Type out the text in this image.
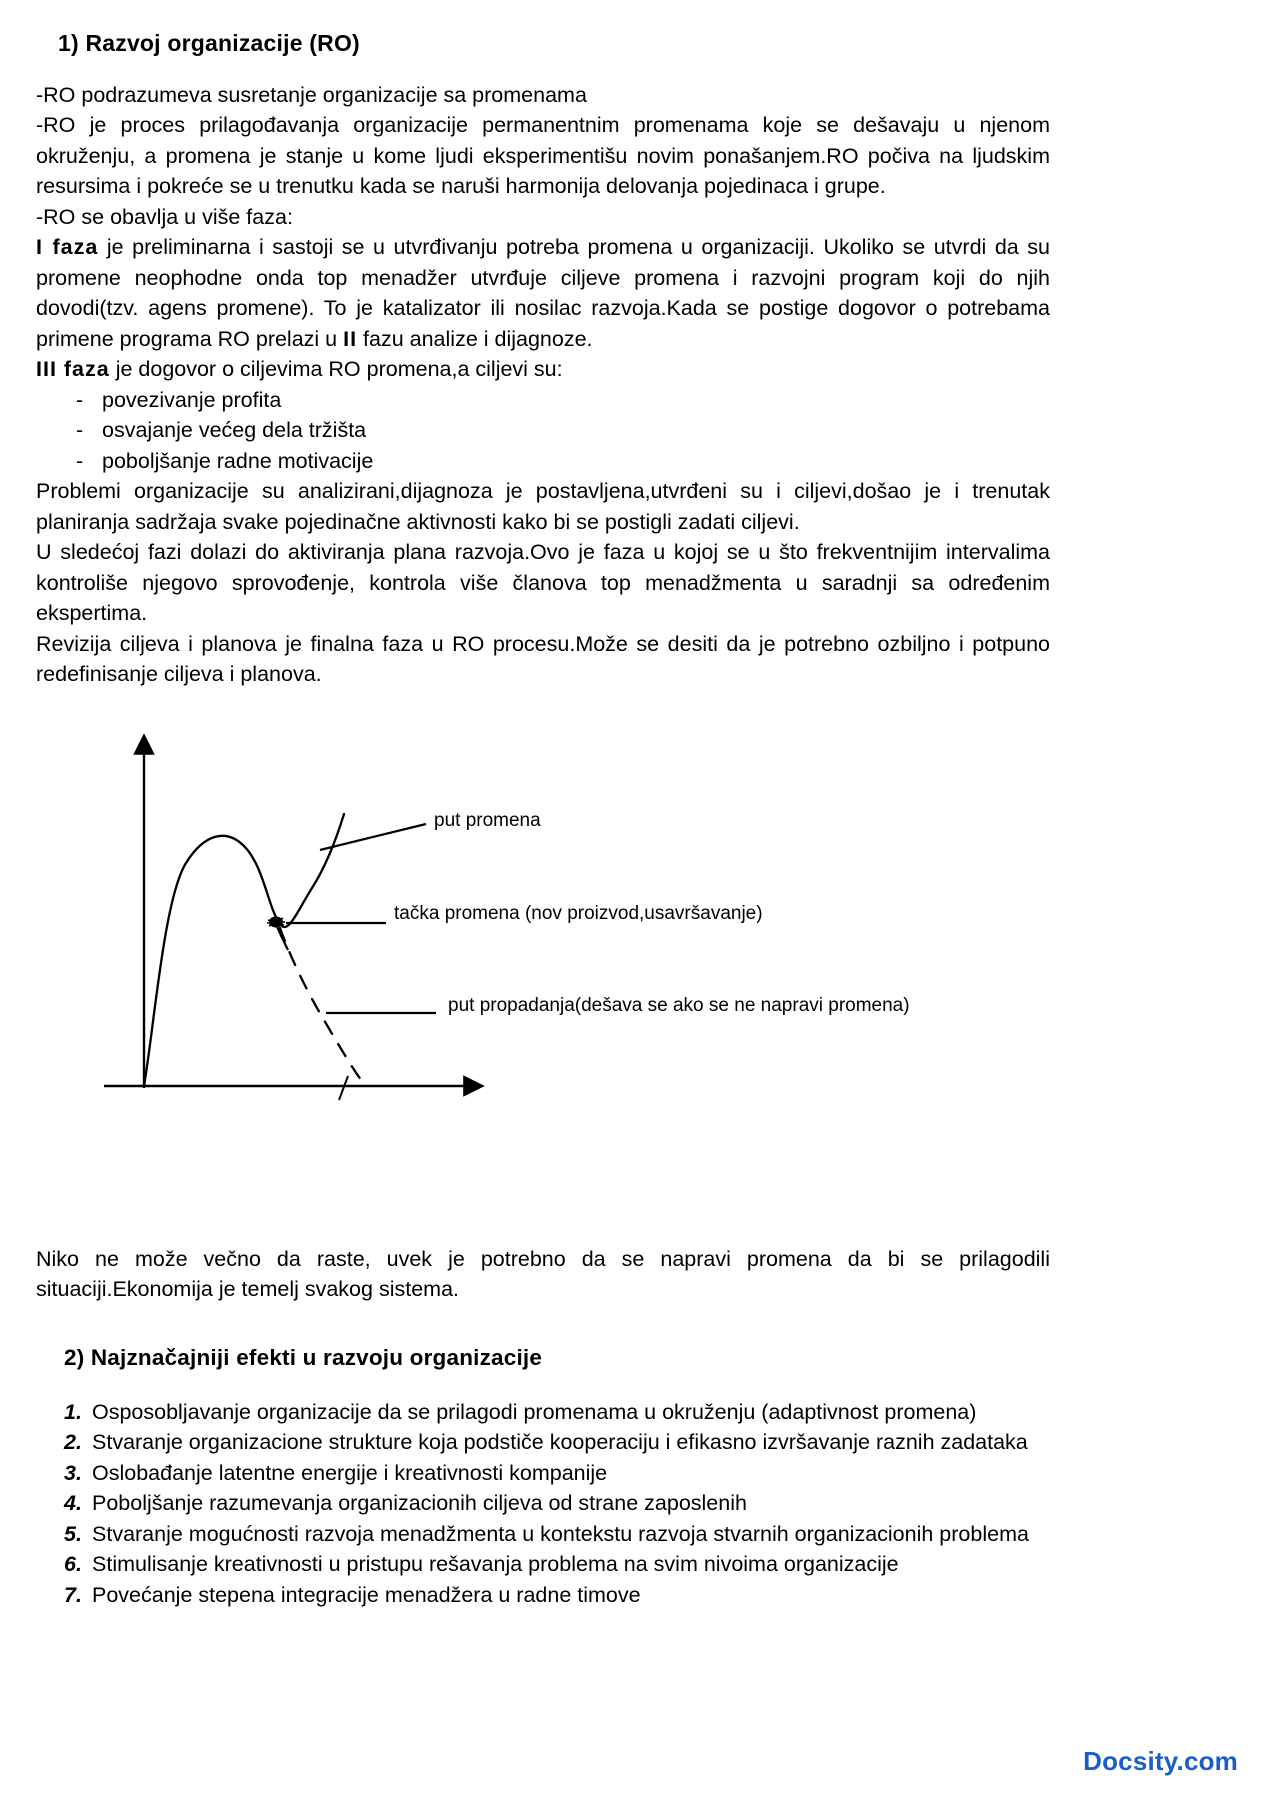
1) Razvoj organizacije (RO)

-RO podrazumeva susretanje organizacije sa promenama

-RO je proces prilagođavanja organizacije permanentnim promenama koje se dešavaju u njenom okruženju, a promena je stanje u kome ljudi eksperimentišu novim ponašanjem.RO počiva na ljudskim resursima i pokreće se u trenutku kada se naruši harmonija delovanja pojedinaca i grupe.

-RO se obavlja u više faza:

I faza je preliminarna i sastoji se u utvrđivanju potreba promena u organizaciji. Ukoliko se utvrdi da su promene neophodne onda top menadžer utvrđuje ciljeve promena i razvojni program koji do njih dovodi(tzv. agens promene). To je katalizator ili nosilac razvoja.Kada se postige dogovor o potrebama primene programa RO prelazi u II fazu analize i dijagnoze.

III faza je dogovor o ciljevima RO promena,a ciljevi su:

- povezivanje profita
- osvajanje većeg dela tržišta
- poboljšanje radne motivacije

Problemi organizacije su analizirani,dijagnoza je postavljena,utvrđeni su i ciljevi,došao je i trenutak planiranja sadržaja svake pojedinačne aktivnosti kako bi se postigli zadati ciljevi.

U sledećoj fazi dolazi do aktiviranja plana razvoja.Ovo je faza u kojoj se u što frekventnijim intervalima kontroliše njegovo sprovođenje, kontrola više članova top menadžmenta u saradnji sa određenim ekspertima.

Revizija ciljeva i planova je finalna faza u RO procesu.Može se desiti da je potrebno ozbiljno i potpuno redefinisanje ciljeva i planova.

put promena
tačka promena (nov proizvod,usavršavanje)
put propadanja(dešava se ako se ne napravi promena)

Niko ne može večno da raste, uvek je potrebno da se napravi promena da bi se prilagodili situaciji.Ekonomija je temelj svakog sistema.

2) Najznačajniji efekti u razvoju organizacije
1. Osposobljavanje organizacije da se prilagodi promenama u okruženju (adaptivnost promena)
2. Stvaranje organizacione strukture koja podstiče kooperaciju i efikasno izvršavanje raznih zadataka
3. Oslobađanje latentne energije i kreativnosti kompanije
4. Poboljšanje razumevanja organizacionih ciljeva od strane zaposlenih
5. Stvaranje mogućnosti razvoja menadžmenta u kontekstu razvoja stvarnih organizacionih problema
6. Stimulisanje kreativnosti u pristupu rešavanja problema na svim nivoima organizacije
7. Povećanje stepena integracije menadžera u radne timove
Docsity.com
